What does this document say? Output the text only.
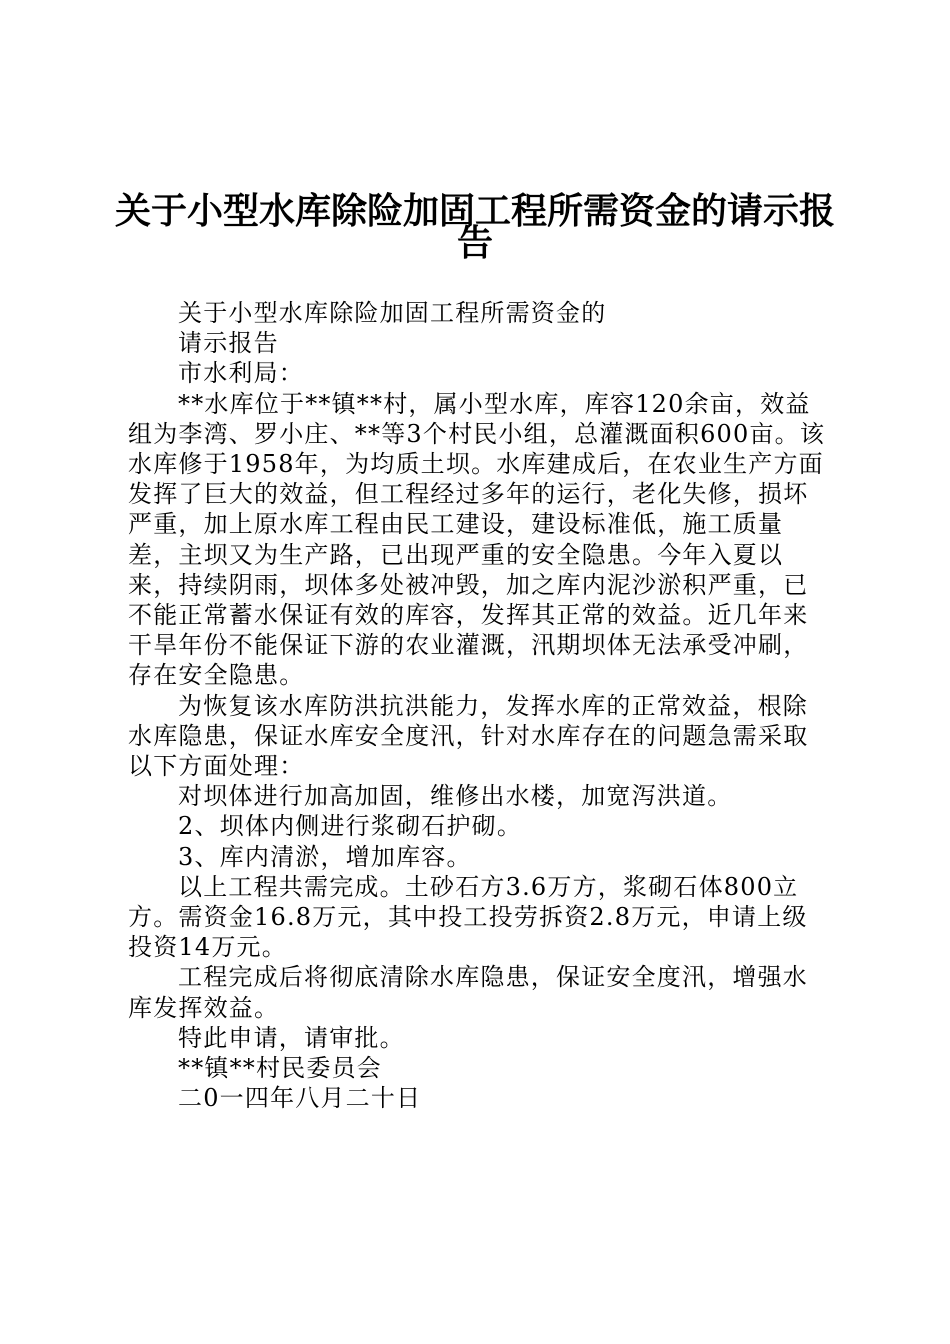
关于小型水库除险加固工程所需资金的请示报
告

关于小型水库除险加固工程所需资金的

请示报告

市水利局：

**水库位于**镇**村，属小型水库，库容120余亩，效益组为李湾、罗小庄、**等3个村民小组，总灌溉面积600亩。该水库修于1958年，为均质土坝。水库建成后，在农业生产方面发挥了巨大的效益，但工程经过多年的运行，老化失修，损坏严重，加上原水库工程由民工建设，建设标准低，施工质量差，主坝又为生产路，已出现严重的安全隐患。今年入夏以来，持续阴雨，坝体多处被冲毁，加之库内泥沙淤积严重，已不能正常蓄水保证有效的库容，发挥其正常的效益。近几年来干旱年份不能保证下游的农业灌溉，汛期坝体无法承受冲刷，存在安全隐患。

为恢复该水库防洪抗洪能力，发挥水库的正常效益，根除水库隐患，保证水库安全度汛，针对水库存在的问题急需采取以下方面处理：

对坝体进行加高加固，维修出水楼，加宽泻洪道。

2、坝体内侧进行浆砌石护砌。

3、库内清淤，增加库容。

以上工程共需完成。土砂石方3.6万方，浆砌石体800立方。需资金16.8万元，其中投工投劳拆资2.8万元，申请上级投资14万元。

工程完成后将彻底清除水库隐患，保证安全度汛，增强水库发挥效益。

特此申请，请审批。

**镇**村民委员会

二0一四年八月二十日
